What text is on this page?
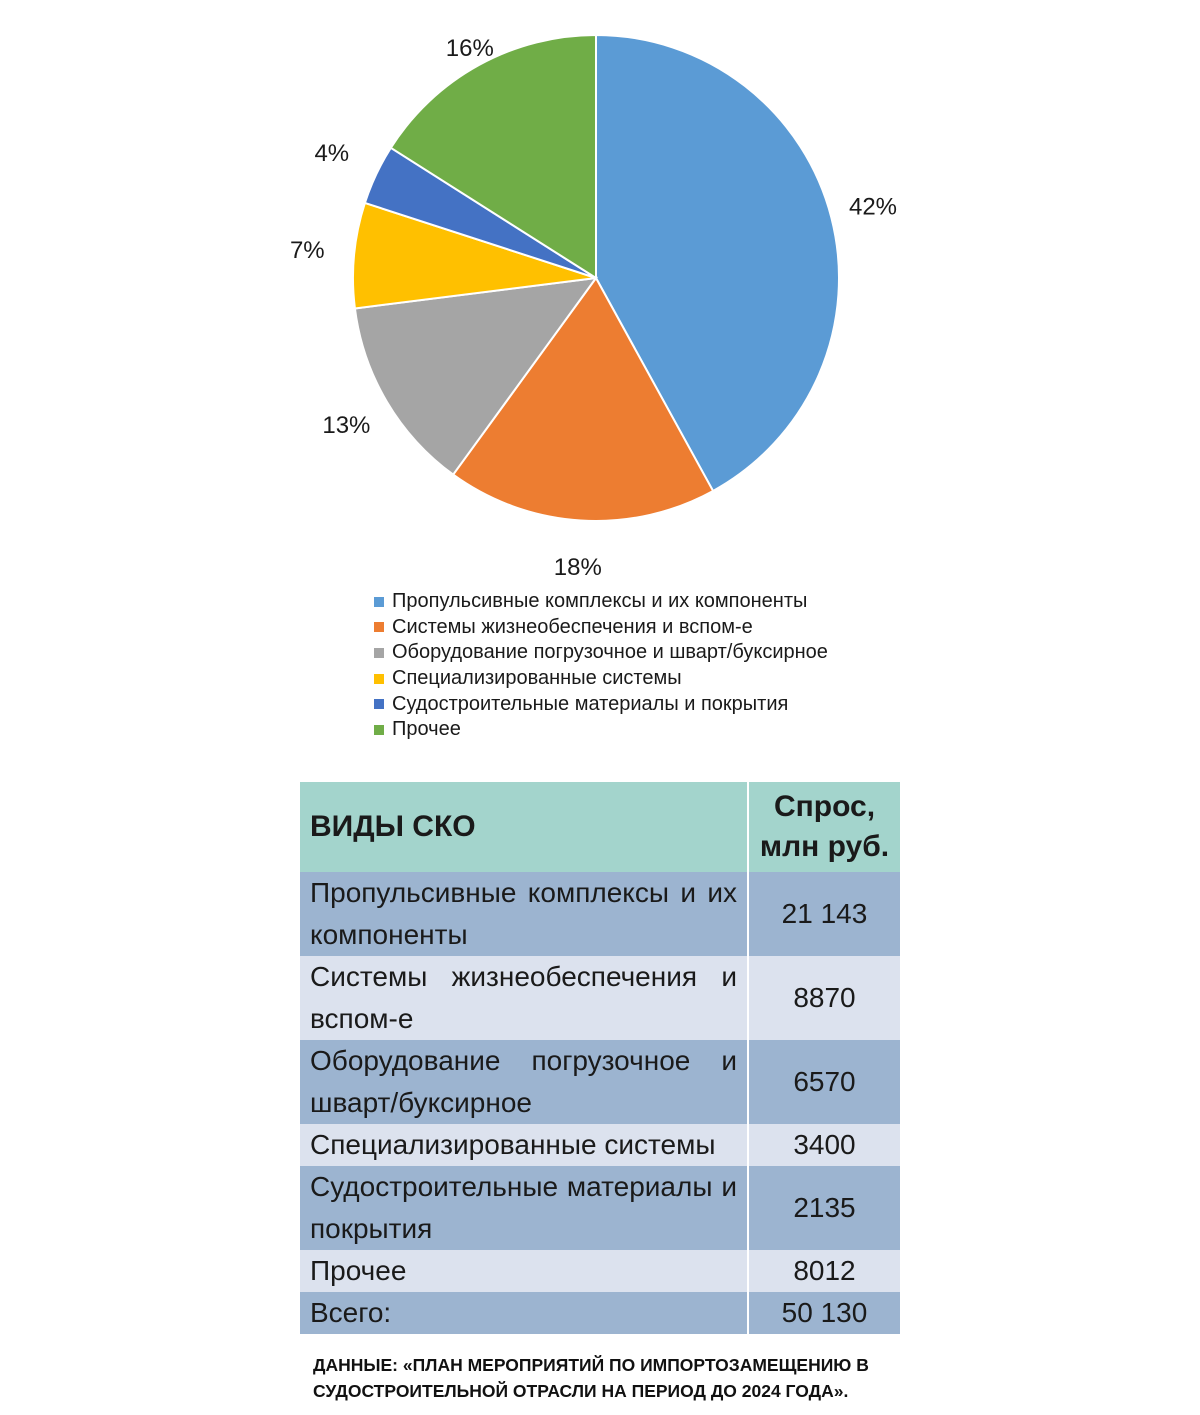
42%
18%
13%
7%
4%
16%
Пропульсивные комплексы и их компоненты
Системы жизнеобеспечения и вспом-е
Оборудование погрузочное и шварт/буксирное
Специализированные системы
Судостроительные материалы и покрытия
Прочее
ВИДЫ СКО	Спрос,
млн руб.
Пропульсивные комплексы и их компоненты	21 143
Системы жизнеобеспечения и вспом-е	8870
Оборудование погрузочное и шварт/буксирное	6570
Специализированные системы	3400
Судостроительные материалы и покрытия	2135
Прочее	8012
Всего:	50 130
ДАННЫЕ: «ПЛАН МЕРОПРИЯТИЙ ПО ИМПОРТОЗАМЕЩЕНИЮ В СУДОСТРОИТЕЛЬНОЙ ОТРАСЛИ НА ПЕРИОД ДО 2024 ГОДА».
